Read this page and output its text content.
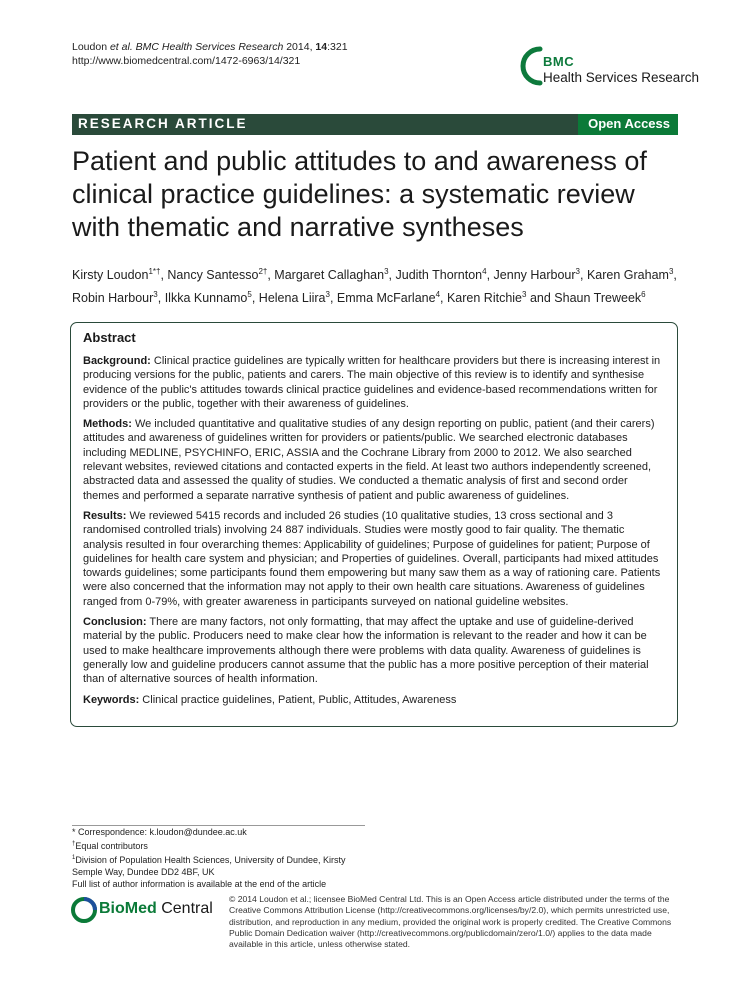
Loudon et al. BMC Health Services Research 2014, 14:321
http://www.biomedcentral.com/1472-6963/14/321	BMC
Health Services Research
RESEARCH ARTICLE	Open Access
Patient and public attitudes to and awareness of clinical practice guidelines: a systematic review with thematic and narrative syntheses
Kirsty Loudon$^{1*\dagger}$, Nancy Santesso$^{2\dagger}$, Margaret Callaghan$^3$, Judith Thornton$^4$, Jenny Harbour$^3$, Karen Graham$^3$, Robin Harbour$^3$, Ilkka Kunnamo$^5$, Helena Liira$^3$, Emma McFarlane$^4$, Karen Ritchie$^3$ and Shaun Treweek$^6$
Abstract

Background: Clinical practice guidelines are typically written for healthcare providers but there is increasing interest in producing versions for the public, patients and carers. The main objective of this review is to identify and synthesise evidence of the public's attitudes towards clinical practice guidelines and evidence-based recommendations written for providers or the public, together with their awareness of guidelines.

Methods: We included quantitative and qualitative studies of any design reporting on public, patient (and their carers) attitudes and awareness of guidelines written for providers or patients/public. We searched electronic databases including MEDLINE, PSYCHINFO, ERIC, ASSIA and the Cochrane Library from 2000 to 2012. We also searched relevant websites, reviewed citations and contacted experts in the field. At least two authors independently screened, abstracted data and assessed the quality of studies. We conducted a thematic analysis of first and second order themes and performed a separate narrative synthesis of patient and public awareness of guidelines.

Results: We reviewed 5415 records and included 26 studies (10 qualitative studies, 13 cross sectional and 3 randomised controlled trials) involving 24 887 individuals. Studies were mostly good to fair quality. The thematic analysis resulted in four overarching themes: Applicability of guidelines; Purpose of guidelines for patient; Purpose of guidelines for health care system and physician; and Properties of guidelines. Overall, participants had mixed attitudes towards guidelines; some participants found them empowering but many saw them as a way of rationing care. Patients were also concerned that the information may not apply to their own health care situations. Awareness of guidelines ranged from 0-79%, with greater awareness in participants surveyed on national guideline websites.

Conclusion: There are many factors, not only formatting, that may affect the uptake and use of guideline-derived material by the public. Producers need to make clear how the information is relevant to the reader and how it can be used to make healthcare improvements although there were problems with data quality. Awareness of guidelines is generally low and guideline producers cannot assume that the public has a more positive perception of their material than of alternative sources of health information.

Keywords: Clinical practice guidelines, Patient, Public, Attitudes, Awareness

* Correspondence: k.loudon@dundee.ac.uk
†Equal contributors
$^1$Division of Population Health Sciences, University of Dundee, Kirsty Semple Way, Dundee DD2 4BF, UK
Full list of author information is available at the end of the article
BioMed Central
© 2014 Loudon et al.; licensee BioMed Central Ltd. This is an Open Access article distributed under the terms of the Creative Commons Attribution License (http://creativecommons.org/licenses/by/2.0), which permits unrestricted use, distribution, and reproduction in any medium, provided the original work is properly credited. The Creative Commons Public Domain Dedication waiver (http://creativecommons.org/publicdomain/zero/1.0/) applies to the data made available in this article, unless otherwise stated.
